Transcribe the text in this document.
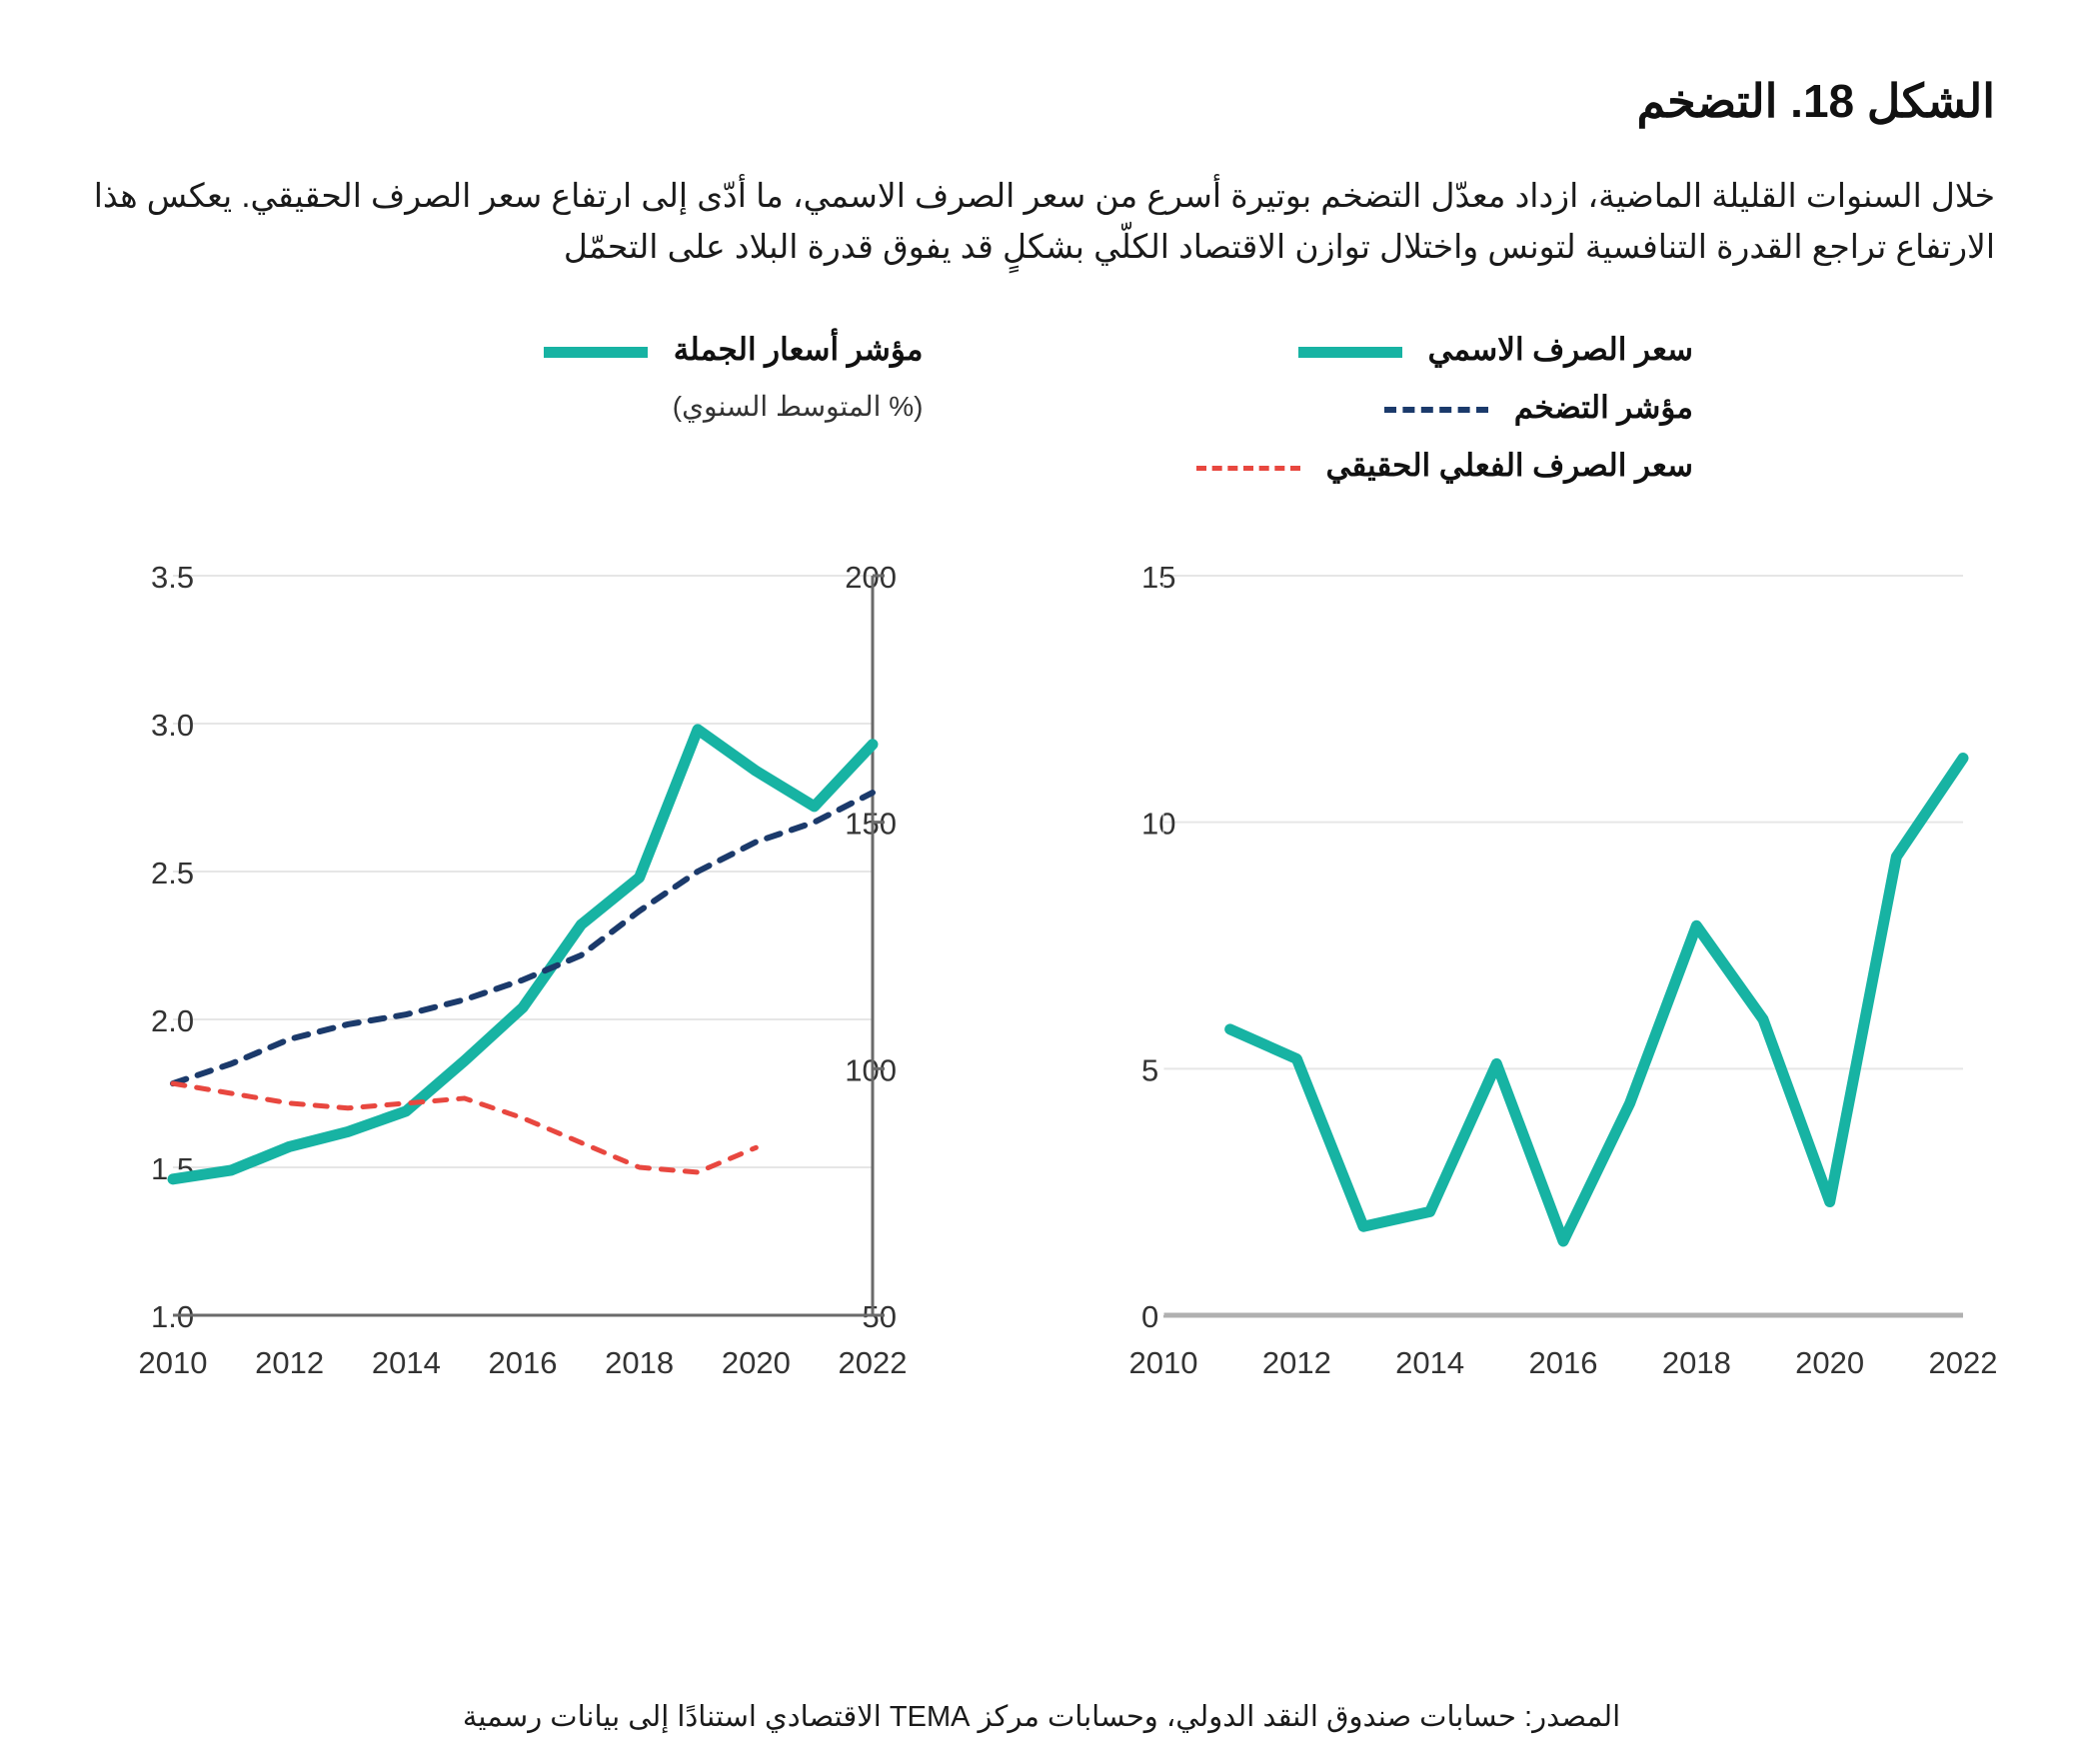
الشكل 18. التضخم
خلال السنوات القليلة الماضية، ازداد معدّل التضخم بوتيرة أسرع من سعر الصرف الاسمي، ما أدّى إلى ارتفاع سعر الصرف الحقيقي. يعكس هذا الارتفاع تراجع القدرة التنافسية لتونس واختلال توازن الاقتصاد الكلّي بشكلٍ قد يفوق قدرة البلاد على التحمّل
سعر الصرف الاسمي
مؤشر التضخم
سعر الصرف الفعلي الحقيقي
مؤشر أسعار الجملة
(% المتوسط السنوي)
0
5
10
15
2010 2012 2014 2016 2018 2020 2022
1.0
1.5
2.0
2.5
3.0
3.5
50
100
150
200
2010 2012 2014 2016 2018 2020 2022
المصدر: حسابات صندوق النقد الدولي، وحسابات مركز TEMA الاقتصادي استنادًا إلى بيانات رسمية
